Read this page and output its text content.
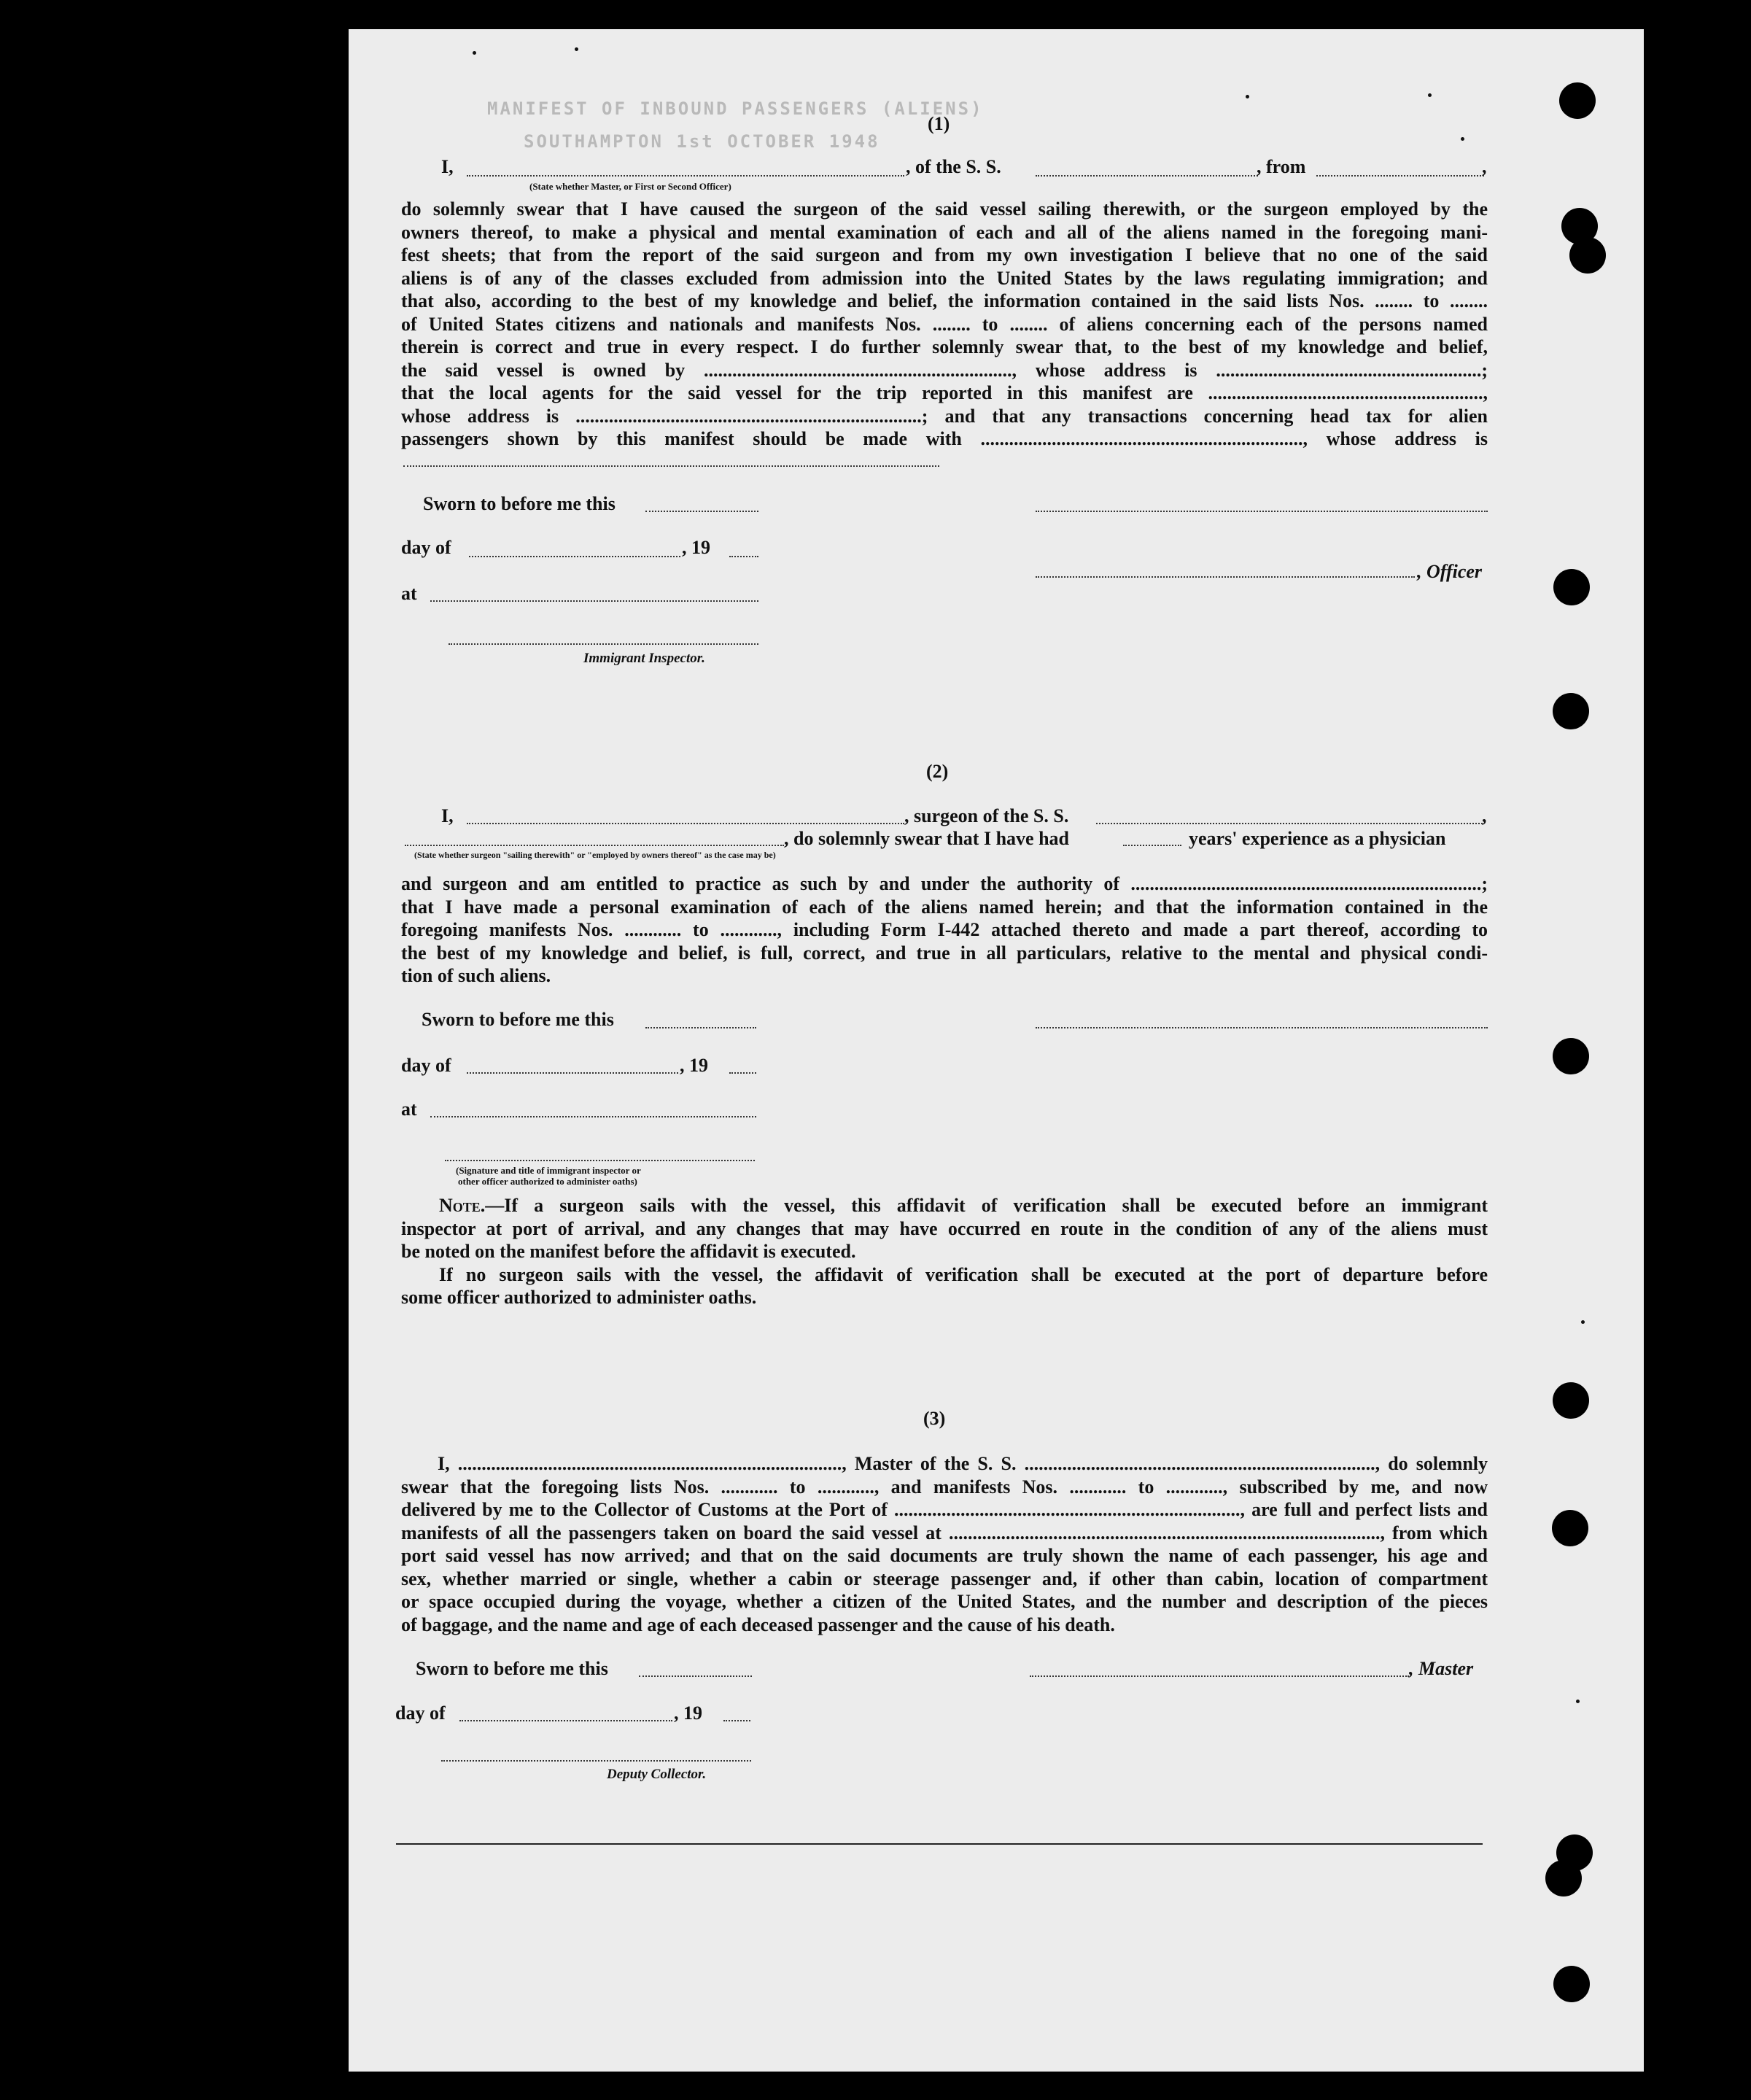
MANIFEST OF INBOUND PASSENGERS (ALIENS)
SOUTHAMPTON 1st OCTOBER 1948
(1)
I,	, of the S. S.	, from	,
(State whether Master, or First or Second Officer)
do solemnly swear that I have caused the surgeon of the said vessel sailing therewith, or the surgeon employed by the
owners thereof, to make a physical and mental examination of each and all of the aliens named in the foregoing mani-
fest sheets; that from the report of the said surgeon and from my own investigation I believe that no one of the said
aliens is of any of the classes excluded from admission into the United States by the laws regulating immigration; and
that also, according to the best of my knowledge and belief, the information contained in the said lists Nos. ........ to ........
of United States citizens and nationals and manifests Nos. ........ to ........ of aliens concerning each of the persons named
therein is correct and true in every respect. I do further solemnly swear that, to the best of my knowledge and belief,
the said vessel is owned by ................................................................., whose address is ........................................................;
that the local agents for the said vessel for the trip reported in this manifest are ..........................................................,
whose address is .........................................................................; and that any transactions concerning head tax for alien
passengers shown by this manifest should be made with ...................................................................., whose address is
Sworn to before me this
day of	, 19
, Officer
at
Immigrant Inspector.
(2)
I,	, surgeon of the S. S.	,
, do solemnly swear that I have had	years' experience as a physician
(State whether surgeon "sailing therewith" or "employed by owners thereof" as the case may be)
and surgeon and am entitled to practice as such by and under the authority of ..........................................................................;
that I have made a personal examination of each of the aliens named herein; and that the information contained in the
foregoing manifests Nos. ............ to ............, including Form I-442 attached thereto and made a part thereof, according to
the best of my knowledge and belief, is full, correct, and true in all particulars, relative to the mental and physical condi-
tion of such aliens.
Sworn to before me this
day of	, 19
at
(Signature and title of immigrant inspector or
other officer authorized to administer oaths)
Note.—If a surgeon sails with the vessel, this affidavit of verification shall be executed before an immigrant
inspector at port of arrival, and any changes that may have occurred en route in the condition of any of the aliens must
be noted on the manifest before the affidavit is executed.
If no surgeon sails with the vessel, the affidavit of verification shall be executed at the port of departure before
some officer authorized to administer oaths.
(3)
I, ................................................................................., Master of the S. S. .........................................................................., do solemnly
swear that the foregoing lists Nos. ............ to ............, and manifests Nos. ............ to ............, subscribed by me, and now
delivered by me to the Collector of Customs at the Port of ........................................................................., are full and perfect lists and
manifests of all the passengers taken on board the said vessel at ..........................................................................................., from which
port said vessel has now arrived; and that on the said documents are truly shown the name of each passenger, his age and
sex, whether married or single, whether a cabin or steerage passenger and, if other than cabin, location of compartment
or space occupied during the voyage, whether a citizen of the United States, and the number and description of the pieces
of baggage, and the name and age of each deceased passenger and the cause of his death.
Sworn to before me this	, Master
day of	, 19
Deputy Collector.
